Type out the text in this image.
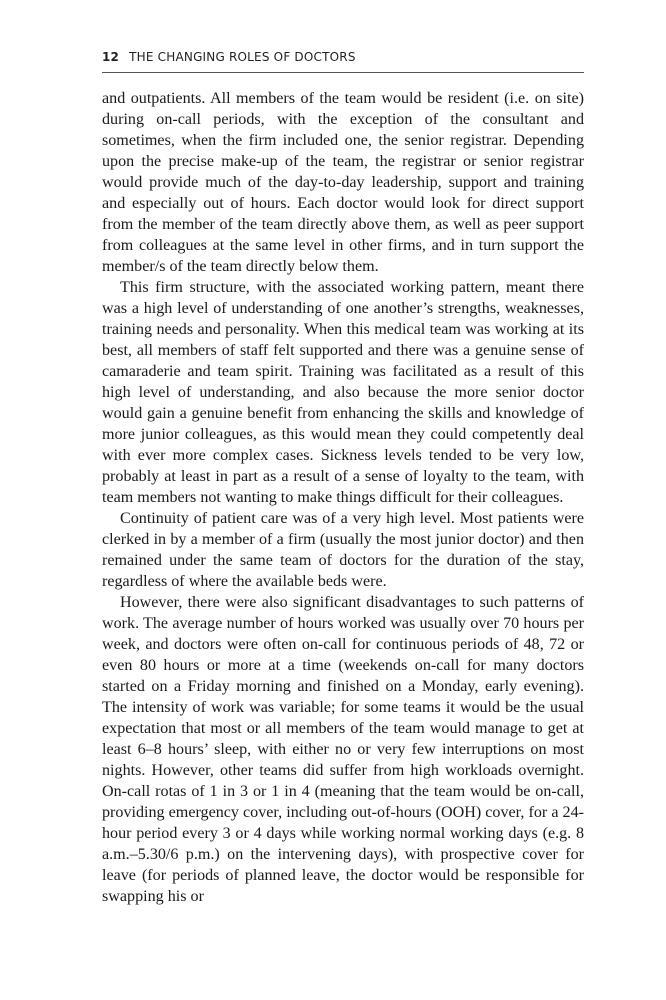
12 THE CHANGING ROLES OF DOCTORS

and outpatients. All members of the team would be resident (i.e. on site) during on-call periods, with the exception of the consultant and sometimes, when the firm included one, the senior registrar. Depending upon the precise make-up of the team, the registrar or senior registrar would provide much of the day-to-day leadership, support and training and especially out of hours. Each doctor would look for direct support from the member of the team directly above them, as well as peer support from colleagues at the same level in other firms, and in turn support the member/s of the team directly below them.

This firm structure, with the associated working pattern, meant there was a high level of understanding of one another’s strengths, weaknesses, training needs and personality. When this medical team was working at its best, all members of staff felt supported and there was a genuine sense of camaraderie and team spirit. Training was facilitated as a result of this high level of understanding, and also because the more senior doctor would gain a genuine benefit from enhancing the skills and knowledge of more junior colleagues, as this would mean they could competently deal with ever more complex cases. Sickness levels tended to be very low, probably at least in part as a result of a sense of loyalty to the team, with team members not wanting to make things difficult for their colleagues.

Continuity of patient care was of a very high level. Most patients were clerked in by a member of a firm (usually the most junior doctor) and then remained under the same team of doctors for the duration of the stay, regardless of where the available beds were.

However, there were also significant disadvantages to such patterns of work. The average number of hours worked was usually over 70 hours per week, and doctors were often on-call for continuous periods of 48, 72 or even 80 hours or more at a time (weekends on-call for many doctors started on a Friday morning and finished on a Monday, early evening). The intensity of work was variable; for some teams it would be the usual expectation that most or all members of the team would manage to get at least 6–8 hours’ sleep, with either no or very few interruptions on most nights. However, other teams did suffer from high workloads overnight. On-call rotas of 1 in 3 or 1 in 4 (meaning that the team would be on-call, providing emergency cover, including out-of-hours (OOH) cover, for a 24-hour period every 3 or 4 days while working normal working days (e.g. 8 a.m.–5.30/6 p.m.) on the intervening days), with prospective cover for leave (for periods of planned leave, the doctor would be responsible for swapping his or
